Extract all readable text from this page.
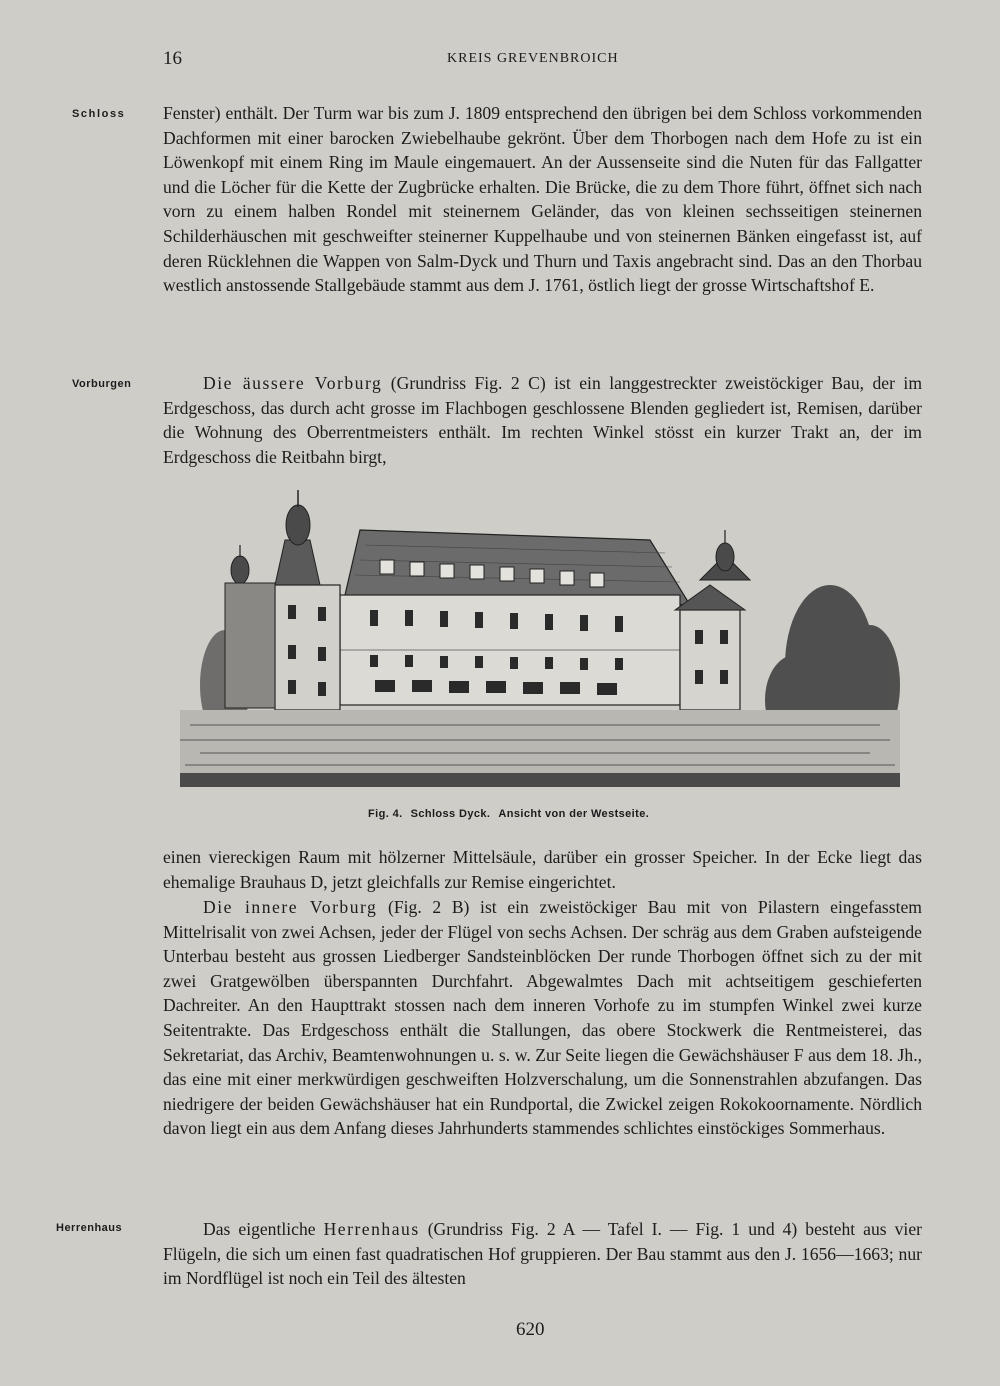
16	KREIS GREVENBROICH
Schloss
Vorburgen
Herrenhaus

Fenster) enthält. Der Turm war bis zum J. 1809 entsprechend den übrigen bei dem Schloss vorkommenden Dachformen mit einer barocken Zwiebelhaube gekrönt. Über dem Thorbogen nach dem Hofe zu ist ein Löwenkopf mit einem Ring im Maule eingemauert. An der Aussenseite sind die Nuten für das Fallgatter und die Löcher für die Kette der Zugbrücke erhalten. Die Brücke, die zu dem Thore führt, öffnet sich nach vorn zu einem halben Rondel mit steinernem Geländer, das von kleinen sechsseitigen steinernen Schilderhäuschen mit geschweifter steinerner Kuppelhaube und von steinernen Bänken eingefasst ist, auf deren Rücklehnen die Wappen von Salm-Dyck und Thurn und Taxis angebracht sind. Das an den Thorbau westlich anstossende Stallgebäude stammt aus dem J. 1761, östlich liegt der grosse Wirtschaftshof E.

Die äussere Vorburg (Grundriss Fig. 2 C) ist ein langgestreckter zweistöckiger Bau, der im Erdgeschoss, das durch acht grosse im Flachbogen geschlossene Blenden gegliedert ist, Remisen, darüber die Wohnung des Oberrentmeisters enthält. Im rechten Winkel stösst ein kurzer Trakt an, der im Erdgeschoss die Reitbahn birgt,

Fig. 4. Schloss Dyck. Ansicht von der Westseite.

einen viereckigen Raum mit hölzerner Mittelsäule, darüber ein grosser Speicher. In der Ecke liegt das ehemalige Brauhaus D, jetzt gleichfalls zur Remise eingerichtet.

Die innere Vorburg (Fig. 2 B) ist ein zweistöckiger Bau mit von Pilastern eingefasstem Mittelrisalit von zwei Achsen, jeder der Flügel von sechs Achsen. Der schräg aus dem Graben aufsteigende Unterbau besteht aus grossen Liedberger Sandsteinblöcken Der runde Thorbogen öffnet sich zu der mit zwei Gratgewölben überspannten Durchfahrt. Abgewalmtes Dach mit achtseitigem geschieferten Dachreiter. An den Haupttrakt stossen nach dem inneren Vorhofe zu im stumpfen Winkel zwei kurze Seitentrakte. Das Erdgeschoss enthält die Stallungen, das obere Stockwerk die Rentmeisterei, das Sekretariat, das Archiv, Beamtenwohnungen u. s. w. Zur Seite liegen die Gewächshäuser F aus dem 18. Jh., das eine mit einer merkwürdigen geschweiften Holzverschalung, um die Sonnenstrahlen abzufangen. Das niedrigere der beiden Gewächshäuser hat ein Rundportal, die Zwickel zeigen Rokokoornamente. Nördlich davon liegt ein aus dem Anfang dieses Jahrhunderts stammendes schlichtes einstöckiges Sommerhaus.

Das eigentliche Herrenhaus (Grundriss Fig. 2 A — Tafel I. — Fig. 1 und 4) besteht aus vier Flügeln, die sich um einen fast quadratischen Hof gruppieren. Der Bau stammt aus den J. 1656—1663; nur im Nordflügel ist noch ein Teil des ältesten

620
